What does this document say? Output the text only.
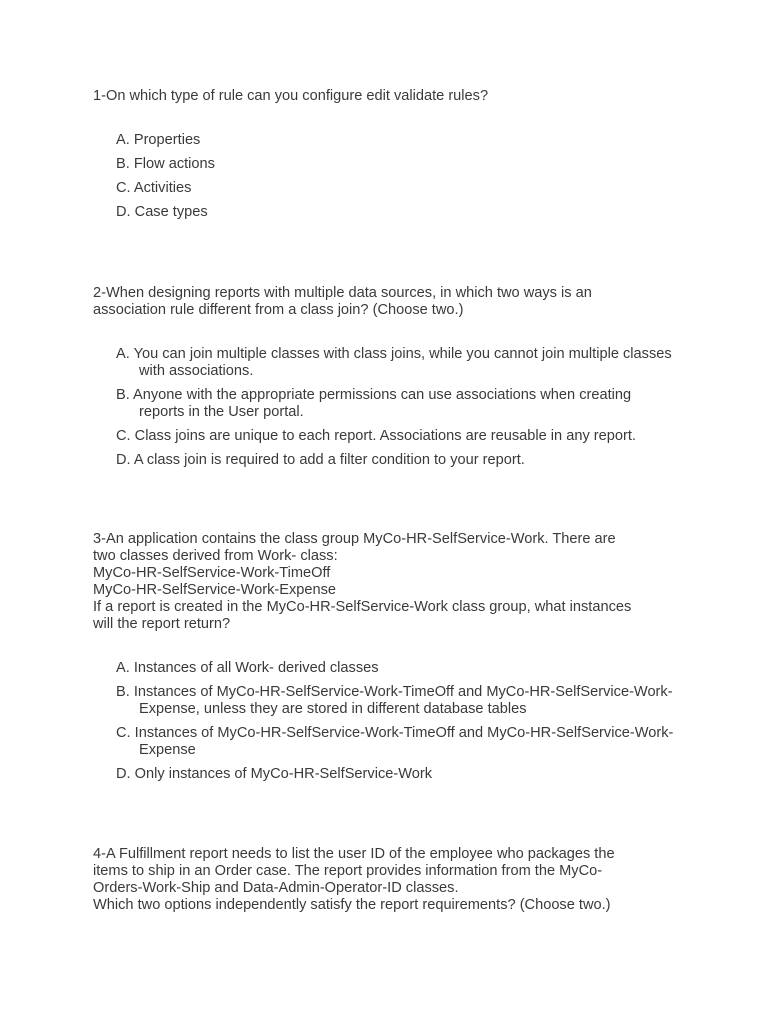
1-On which type of rule can you configure edit validate rules?
A. Properties
B. Flow actions
C. Activities
D. Case types
2-When designing reports with multiple data sources, in which two ways is an
association rule different from a class join? (Choose two.)
A. You can join multiple classes with class joins, while you cannot join multiple classes with associations.
B. Anyone with the appropriate permissions can use associations when creating reports in the User portal.
C. Class joins are unique to each report. Associations are reusable in any report.
D. A class join is required to add a filter condition to your report.
3-An application contains the class group MyCo-HR-SelfService-Work. There are
two classes derived from Work- class:
MyCo-HR-SelfService-Work-TimeOff
MyCo-HR-SelfService-Work-Expense
If a report is created in the MyCo-HR-SelfService-Work class group, what instances
will the report return?
A. Instances of all Work- derived classes
B. Instances of MyCo-HR-SelfService-Work-TimeOff and MyCo-HR-SelfService-Work-Expense, unless they are stored in different database tables
C. Instances of MyCo-HR-SelfService-Work-TimeOff and MyCo-HR-SelfService-Work-Expense
D. Only instances of MyCo-HR-SelfService-Work
4-A Fulfillment report needs to list the user ID of the employee who packages the
items to ship in an Order case. The report provides information from the MyCo-
Orders-Work-Ship and Data-Admin-Operator-ID classes.
Which two options independently satisfy the report requirements? (Choose two.)
